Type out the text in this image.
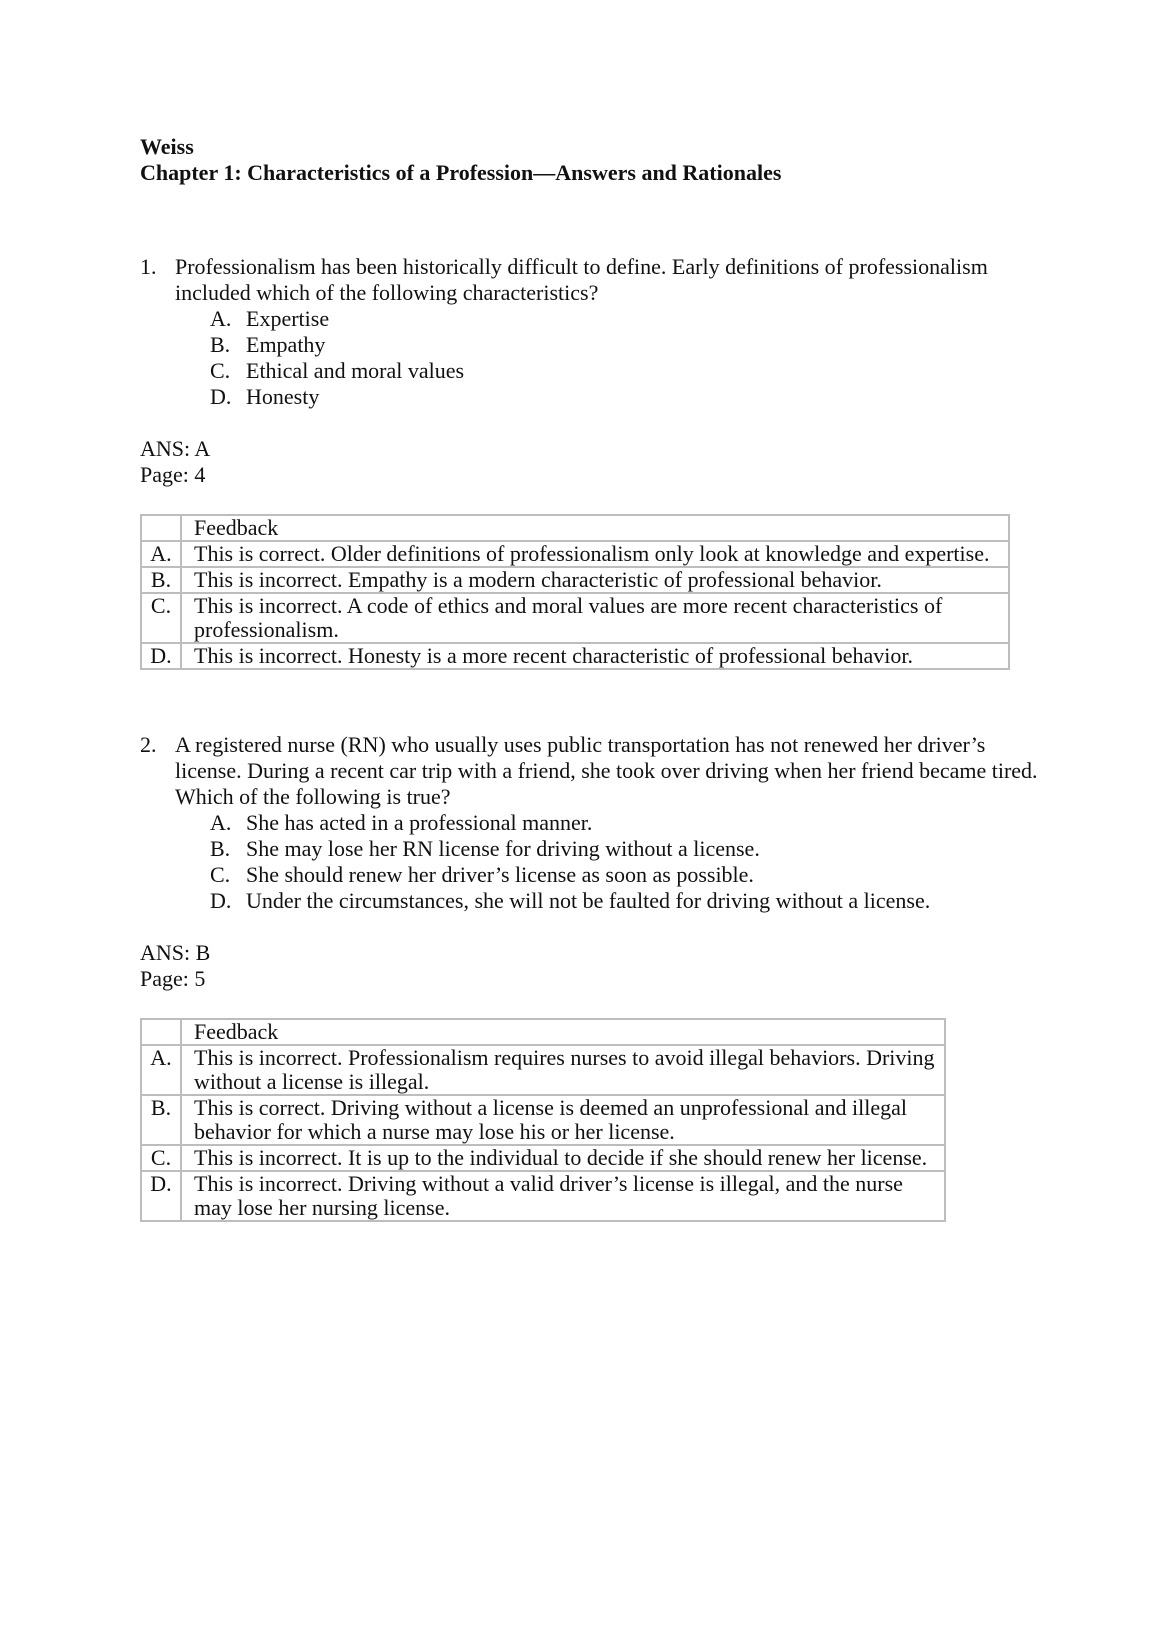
Weiss
Chapter 1: Characteristics of a Profession—Answers and Rationales
1. Professionalism has been historically difficult to define. Early definitions of professionalism included which of the following characteristics?
A. Expertise
B. Empathy
C. Ethical and moral values
D. Honesty
ANS: A
Page: 4
	Feedback
A.	This is correct. Older definitions of professionalism only look at knowledge and expertise.
B.	This is incorrect. Empathy is a modern characteristic of professional behavior.
C.	This is incorrect. A code of ethics and moral values are more recent characteristics of professionalism.
D.	This is incorrect. Honesty is a more recent characteristic of professional behavior.
2. A registered nurse (RN) who usually uses public transportation has not renewed her driver’s license. During a recent car trip with a friend, she took over driving when her friend became tired. Which of the following is true?
A. She has acted in a professional manner.
B. She may lose her RN license for driving without a license.
C. She should renew her driver’s license as soon as possible.
D. Under the circumstances, she will not be faulted for driving without a license.
ANS: B
Page: 5
	Feedback
A.	This is incorrect. Professionalism requires nurses to avoid illegal behaviors. Driving without a license is illegal.
B.	This is correct. Driving without a license is deemed an unprofessional and illegal behavior for which a nurse may lose his or her license.
C.	This is incorrect. It is up to the individual to decide if she should renew her license.
D.	This is incorrect. Driving without a valid driver’s license is illegal, and the nurse may lose her nursing license.
